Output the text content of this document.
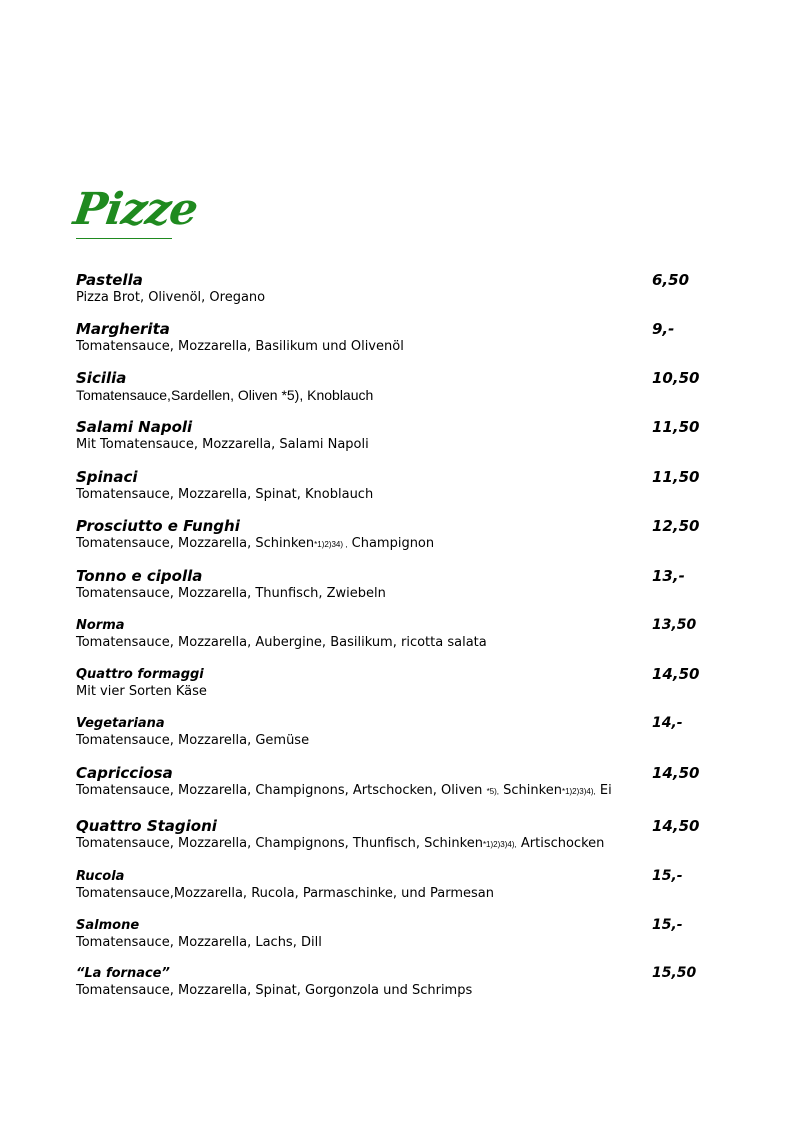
Pizze
Pastella	6,50
Pizza Brot, Olivenöl, Oregano
Margherita	9,-
Tomatensauce, Mozzarella, Basilikum und Olivenöl
Sicilia	10,50
Tomatensauce,Sardellen, Oliven *5), Knoblauch
Salami Napoli	11,50
Mit Tomatensauce, Mozzarella, Salami Napoli
Spinaci	11,50
Tomatensauce, Mozzarella, Spinat, Knoblauch
Prosciutto e Funghi	12,50
Tomatensauce, Mozzarella, Schinken*1)2)34) , Champignon
Tonno e cipolla	13,-
Tomatensauce, Mozzarella, Thunfisch, Zwiebeln
Norma	13,50
Tomatensauce, Mozzarella, Aubergine, Basilikum, ricotta salata
Quattro formaggi	14,50
Mit vier Sorten Käse
Vegetariana	14,-
Tomatensauce, Mozzarella, Gemüse
Capricciosa	14,50
Tomatensauce, Mozzarella, Champignons, Artschocken, Oliven *5), Schinken*1)2)3)4), Ei
Quattro Stagioni	14,50
Tomatensauce, Mozzarella, Champignons, Thunfisch, Schinken*1)2)3)4), Artischocken
Rucola	15,-
Tomatensauce,Mozzarella, Rucola, Parmaschinke, und Parmesan
Salmone	15,-
Tomatensauce, Mozzarella, Lachs, Dill
“La fornace”	15,50
Tomatensauce, Mozzarella, Spinat, Gorgonzola und Schrimps
